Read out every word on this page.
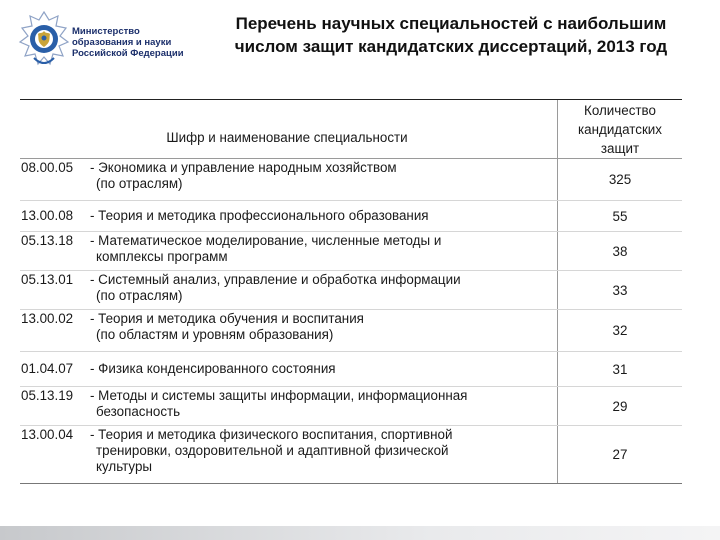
Министерство
образования и науки
Российской Федерации
Перечень научных специальностей с наибольшим
числом защит кандидатских диссертаций, 2013 год
Шифр и наименование специальности
Количество
кандидатских
защит
08.00.05	- Экономика и управление народным хозяйством
(по отраслям)	325
13.00.08	- Теория и методика профессионального образования	55
05.13.18	- Математическое моделирование, численные методы и
комплексы программ	38
05.13.01	- Системный анализ, управление и обработка информации
(по отраслям)	33
13.00.02	- Теория и методика обучения и воспитания
(по областям и уровням образования)	32
01.04.07	- Физика конденсированного состояния	31
05.13.19	- Методы и системы защиты информации, информационная
безопасность	29
13.00.04	- Теория и методика физического воспитания, спортивной
тренировки, оздоровительной и адаптивной физической
культуры
27
